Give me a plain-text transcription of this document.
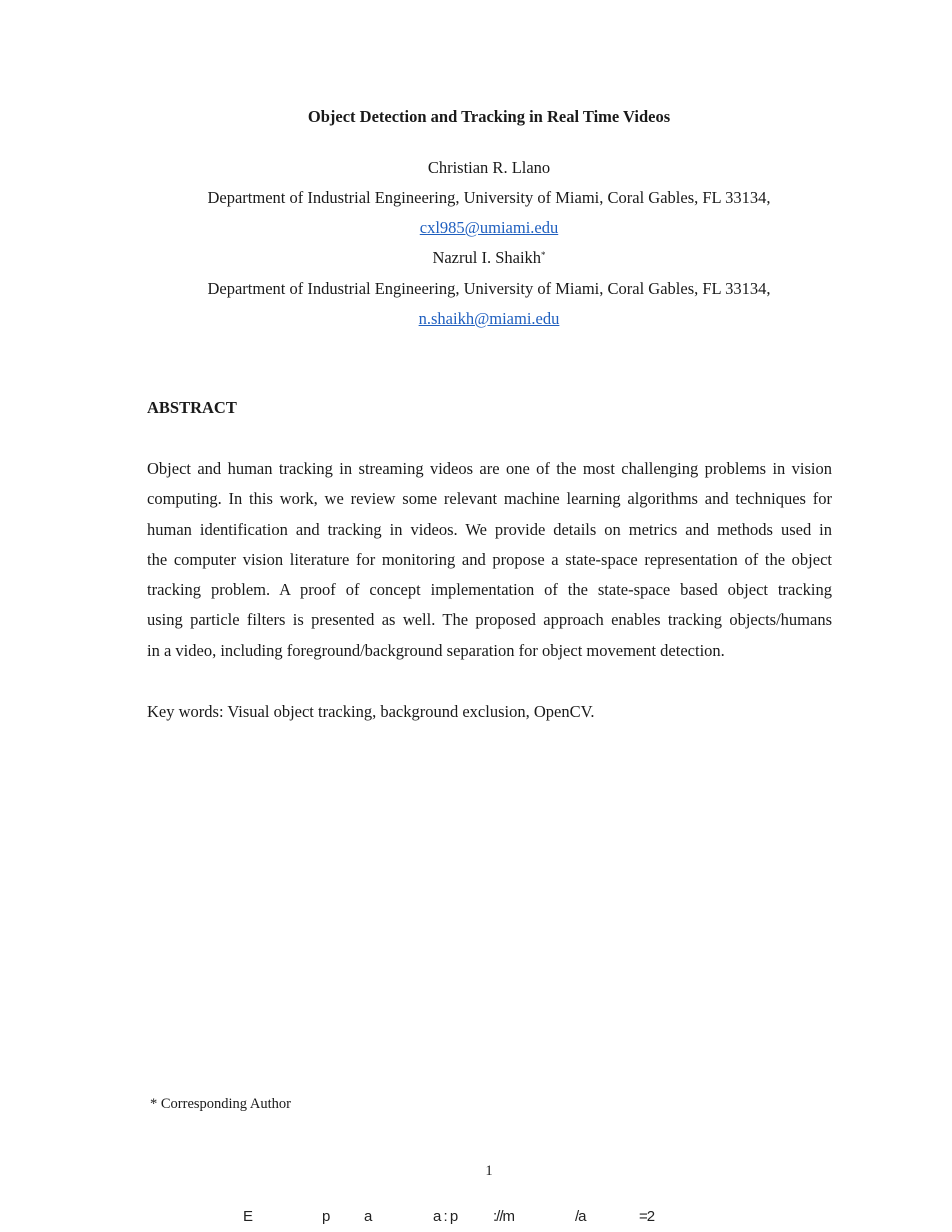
Object Detection and Tracking in Real Time Videos
Christian R. Llano
Department of Industrial Engineering, University of Miami, Coral Gables, FL 33134,
cxl985@umiami.edu
Nazrul I. Shaikh*
Department of Industrial Engineering, University of Miami, Coral Gables, FL 33134,
n.shaikh@miami.edu
ABSTRACT
Object and human tracking in streaming videos are one of the most challenging problems in vision
computing. In this work, we review some relevant machine learning algorithms and techniques for
human identification and tracking in videos. We provide details on metrics and methods used in
the computer vision literature for monitoring and propose a state-space representation of the object
tracking problem. A proof of concept implementation of the state-space based object tracking
using particle filters is presented as well. The proposed approach enables tracking objects/humans
in a video, including foreground/background separation for object movement detection.
Key words: Visual object tracking, background exclusion, OpenCV.
* Corresponding Author
1
E	p a	a : p ://m	/a	=2
